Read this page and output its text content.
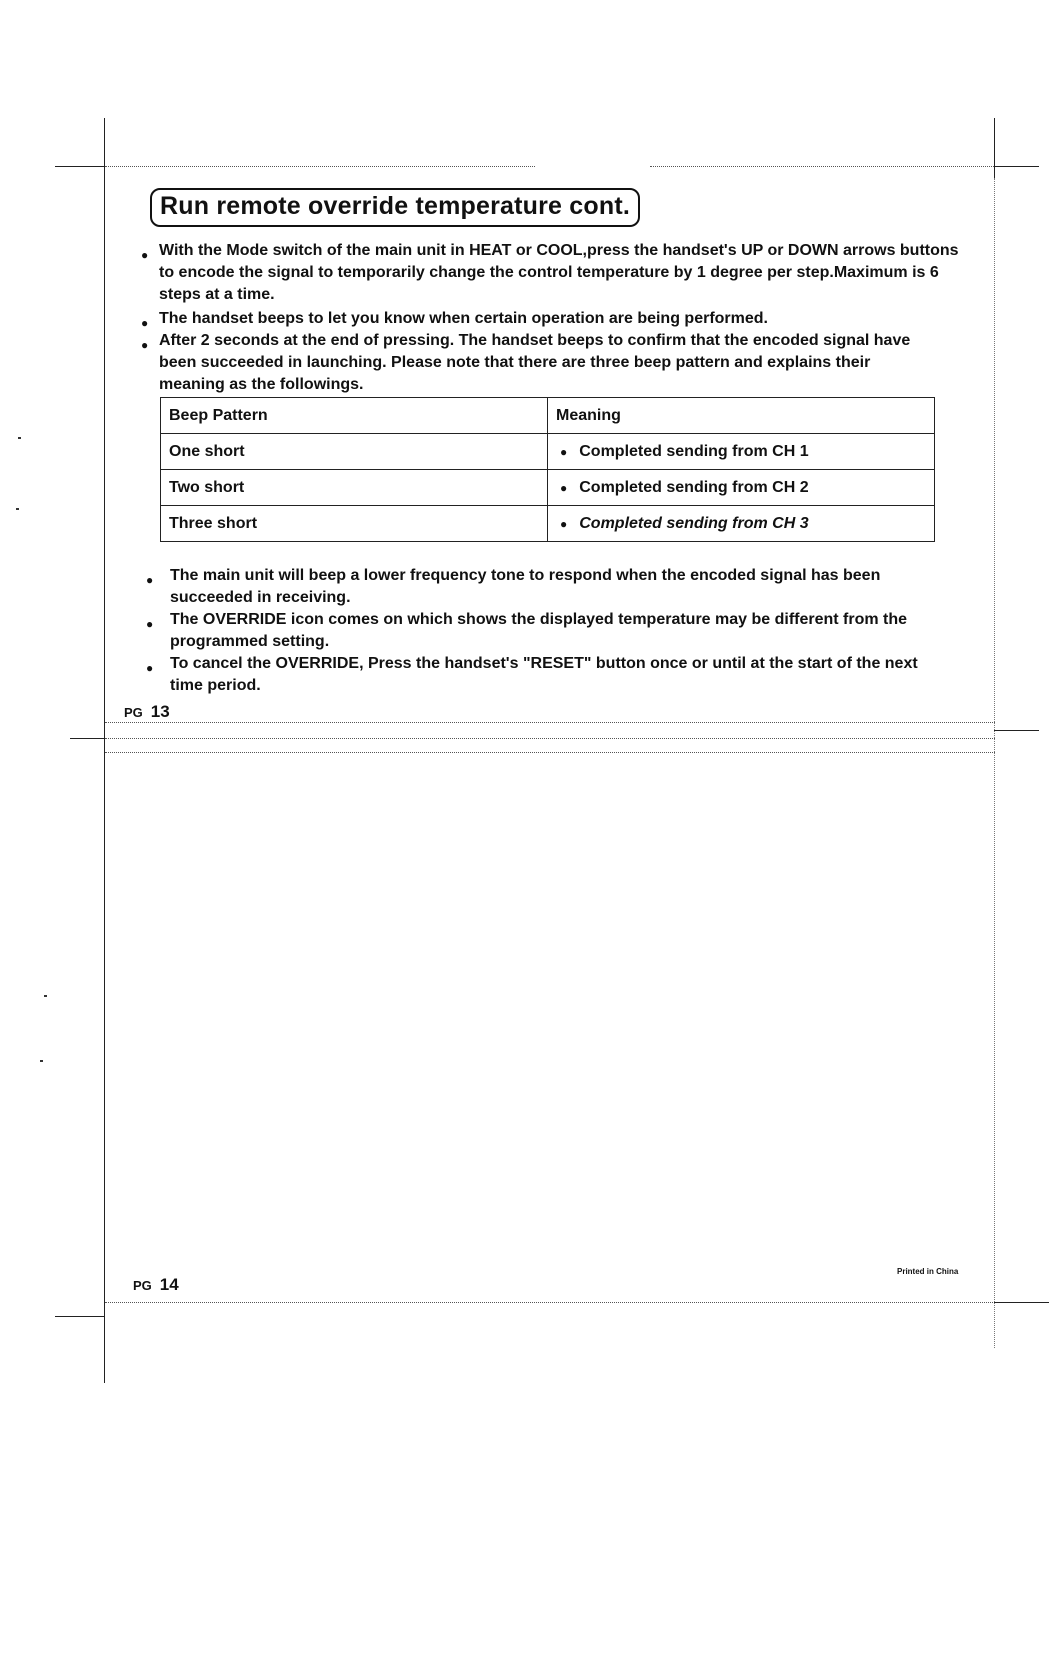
Run remote override temperature cont.
● With the Mode switch of the main unit in HEAT or COOL,press the handset's UP or DOWN arrows buttons to encode the signal to temporarily change the control temperature by 1 degree per step.Maximum is 6 steps at a time.
● The handset beeps to let you know when certain operation are being performed.
● After 2 seconds at the end of pressing. The handset beeps to confirm that the encoded signal have been succeeded in launching. Please note that there are three beep pattern and explains their meaning as the followings.
Beep Pattern	Meaning
One short	● Completed sending from CH 1
Two short	● Completed sending from CH 2
Three short	● Completed sending from CH 3
● The main unit will beep a lower frequency tone to respond when the encoded signal has been succeeded in receiving.
● The OVERRIDE icon comes on which shows the displayed temperature may be different from the programmed setting.
● To cancel the OVERRIDE, Press the handset's "RESET" button once or until at the start of the next time period.
PG 13
PG 14
Printed in China
